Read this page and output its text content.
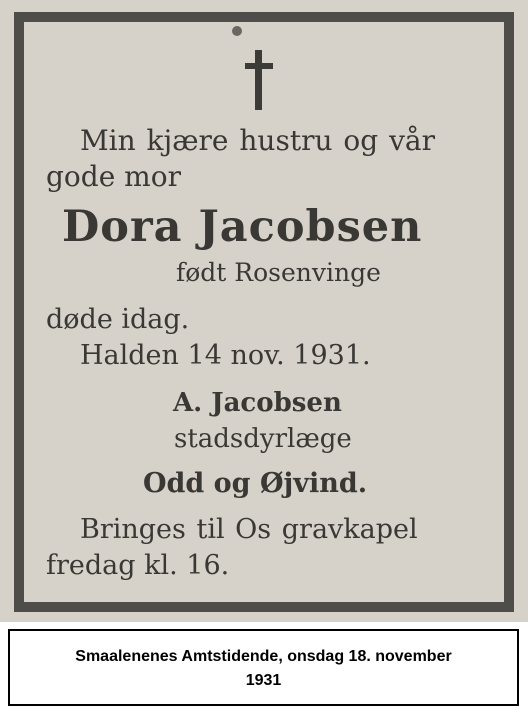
Min kjære hustru og vår
gode mor
Dora Jacobsen
født Rosenvinge
døde idag.
Halden 14 nov. 1931.
A. Jacobsen
stadsdyrlæge
Odd og Øjvind.
Bringes til Os gravkapel
fredag kl. 16.
Smaalenenes Amtstidende, onsdag 18. november
1931
